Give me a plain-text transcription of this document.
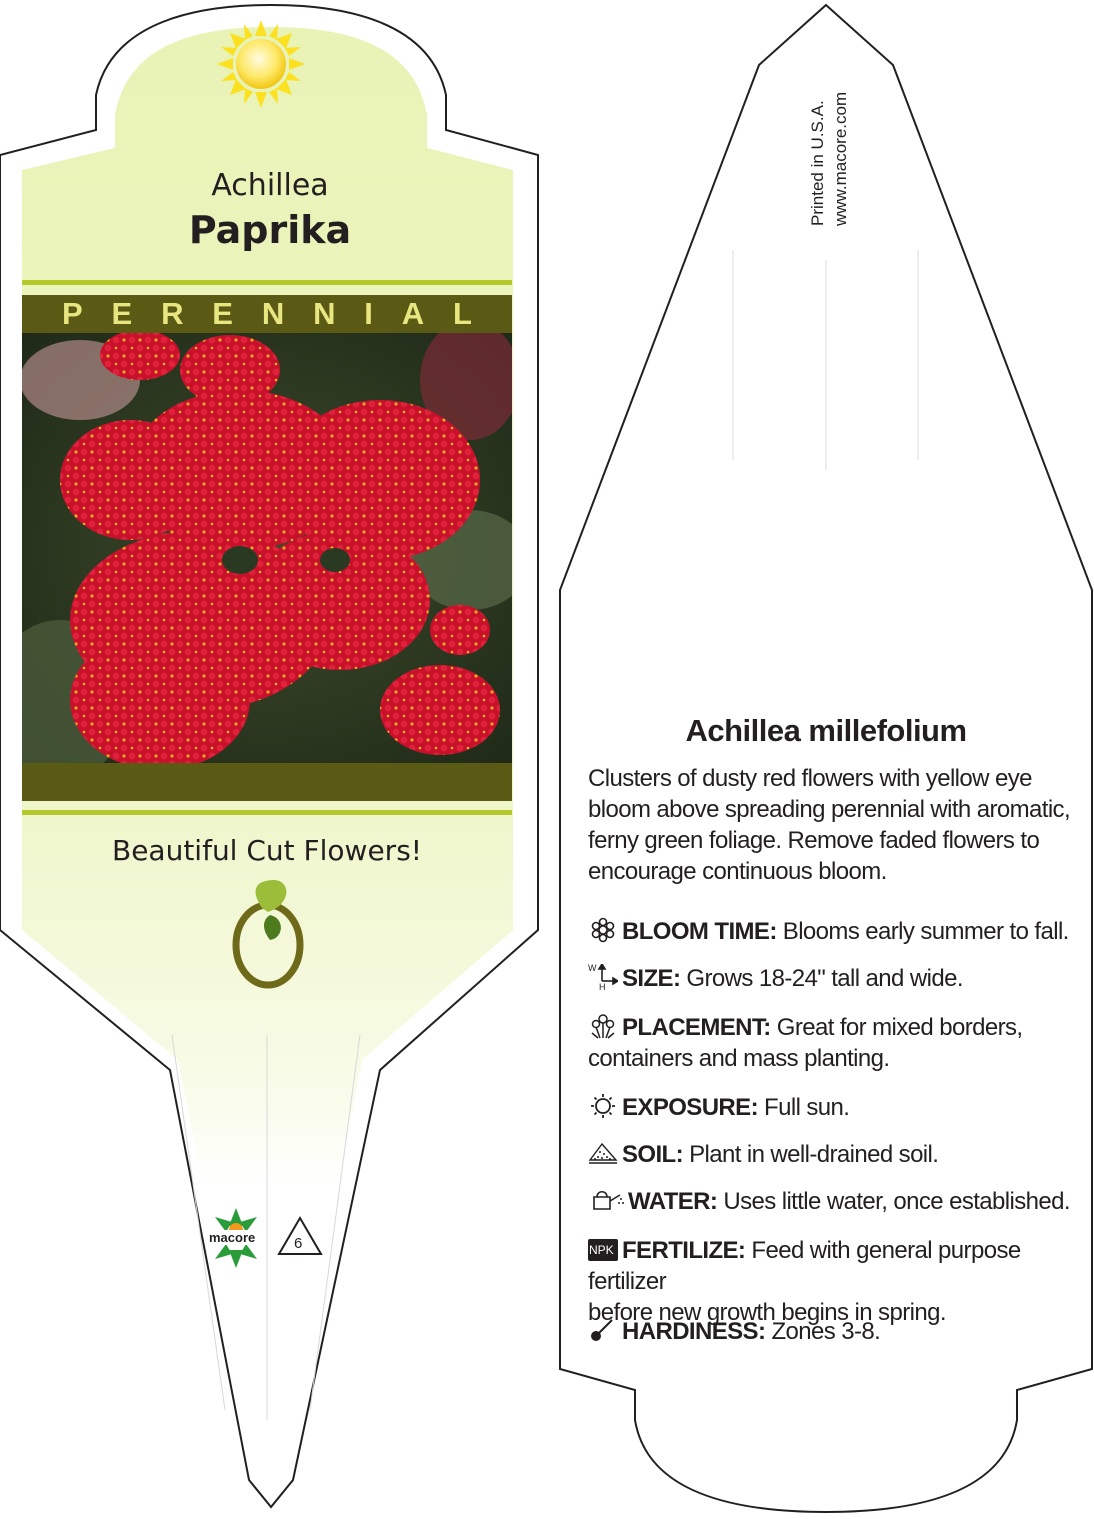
Achillea
Paprika
P E R E N N I A L
Beautiful Cut Flowers!
macore	6
Printed in U.S.A. www.macore.com
Achillea millefolium
Clusters of dusty red flowers with yellow eye
bloom above spreading perennial with aromatic,
ferny green foliage. Remove faded flowers to
encourage continuous bloom.
BLOOM TIME: Blooms early summer to fall.
W
H SIZE: Grows 18-24" tall and wide.
PLACEMENT: Great for mixed borders,
containers and mass planting.
EXPOSURE: Full sun.
SOIL: Plant in well-drained soil.
WATER: Uses little water, once established.
NPK FERTILIZE: Feed with general purpose fertilizer
before new growth begins in spring.
HARDINESS: Zones 3-8.
